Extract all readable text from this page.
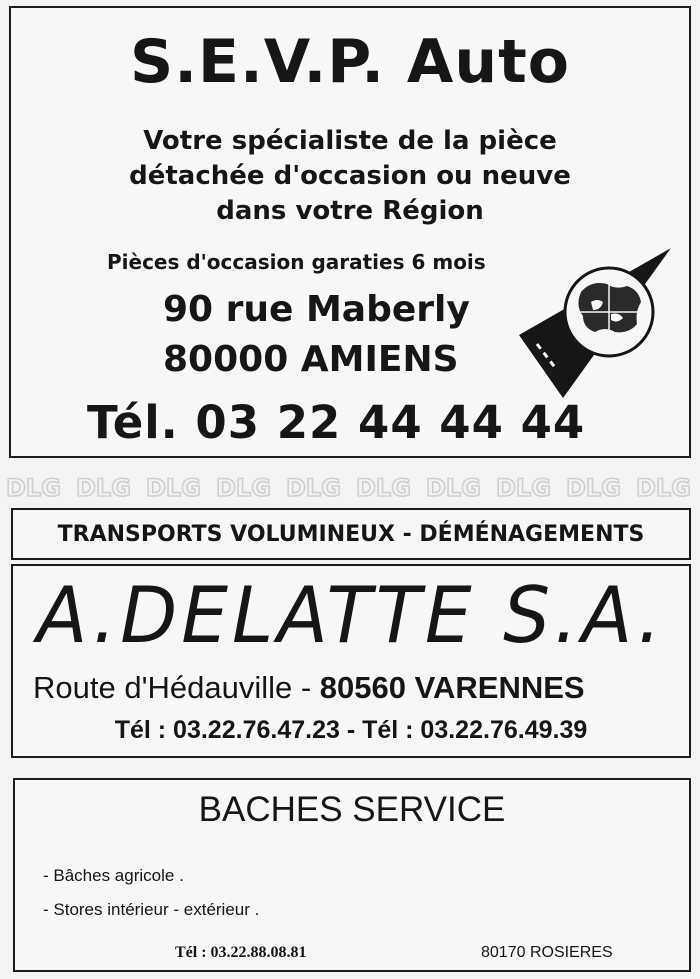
S.E.V.P. Auto
Votre spécialiste de la pièce
détachée d'occasion ou neuve
dans votre Région
Pièces d'occasion garaties 6 mois
90 rue Maberly
80000 AMIENS
Tél. 03 22 44 44 44
DLG DLG DLG DLG DLG DLG DLG DLG DLG DLG
TRANSPORTS VOLUMINEUX - DÉMÉNAGEMENTS
A.DELATTE S.A.
Route d'Hédauville - 80560 VARENNES
Tél : 03.22.76.47.23 - Tél : 03.22.76.49.39
BACHES SERVICE
- Bâches agricole .
- Stores intérieur - extérieur .
Tél : 03.22.88.08.81	80170 ROSIERES
